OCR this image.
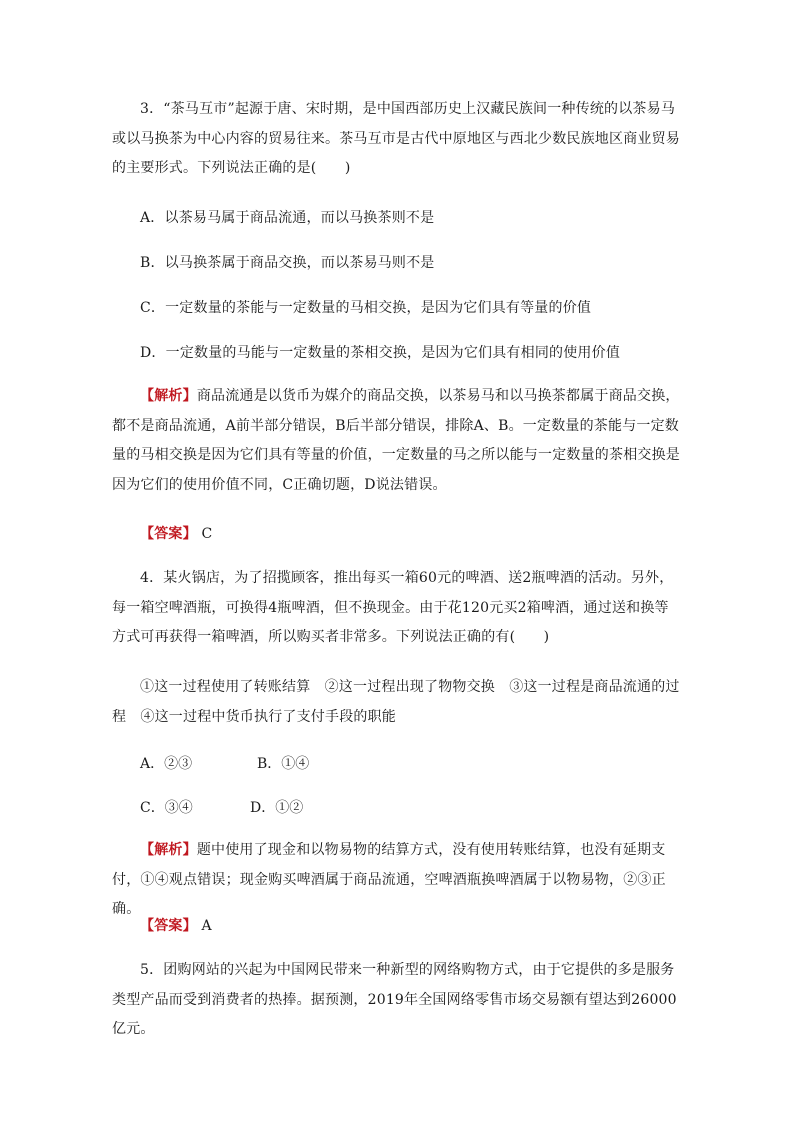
3．“茶马互市”起源于唐、宋时期，是中国西部历史上汉藏民族间一种传统的以茶易马或以马换茶为中心内容的贸易往来。茶马互市是古代中原地区与西北少数民族地区商业贸易的主要形式。下列说法正确的是(　　)

A．以茶易马属于商品流通，而以马换茶则不是

B．以马换茶属于商品交换，而以茶易马则不是

C．一定数量的茶能与一定数量的马相交换，是因为它们具有等量的价值

D．一定数量的马能与一定数量的茶相交换，是因为它们具有相同的使用价值

【解析】商品流通是以货币为媒介的商品交换，以茶易马和以马换茶都属于商品交换，都不是商品流通，A前半部分错误，B后半部分错误，排除A、B。一定数量的茶能与一定数量的马相交换是因为它们具有等量的价值，一定数量的马之所以能与一定数量的茶相交换是因为它们的使用价值不同，C正确切题，D说法错误。

【答案】 C

4．某火锅店，为了招揽顾客，推出每买一箱60元的啤酒、送2瓶啤酒的活动。另外，每一箱空啤酒瓶，可换得4瓶啤酒，但不换现金。由于花120元买2箱啤酒，通过送和换等方式可再获得一箱啤酒，所以购买者非常多。下列说法正确的有(　　)

①这一过程使用了转账结算　②这一过程出现了物物交换　③这一过程是商品流通的过程　④这一过程中货币执行了支付手段的职能

A．②③	B．①④
C．③④	D．①②

【解析】题中使用了现金和以物易物的结算方式，没有使用转账结算，也没有延期支付，①④观点错误；现金购买啤酒属于商品流通，空啤酒瓶换啤酒属于以物易物，②③正确。

【答案】 A

5．团购网站的兴起为中国网民带来一种新型的网络购物方式，由于它提供的多是服务类型产品而受到消费者的热捧。据预测，2019年全国网络零售市场交易额有望达到26000亿元。
